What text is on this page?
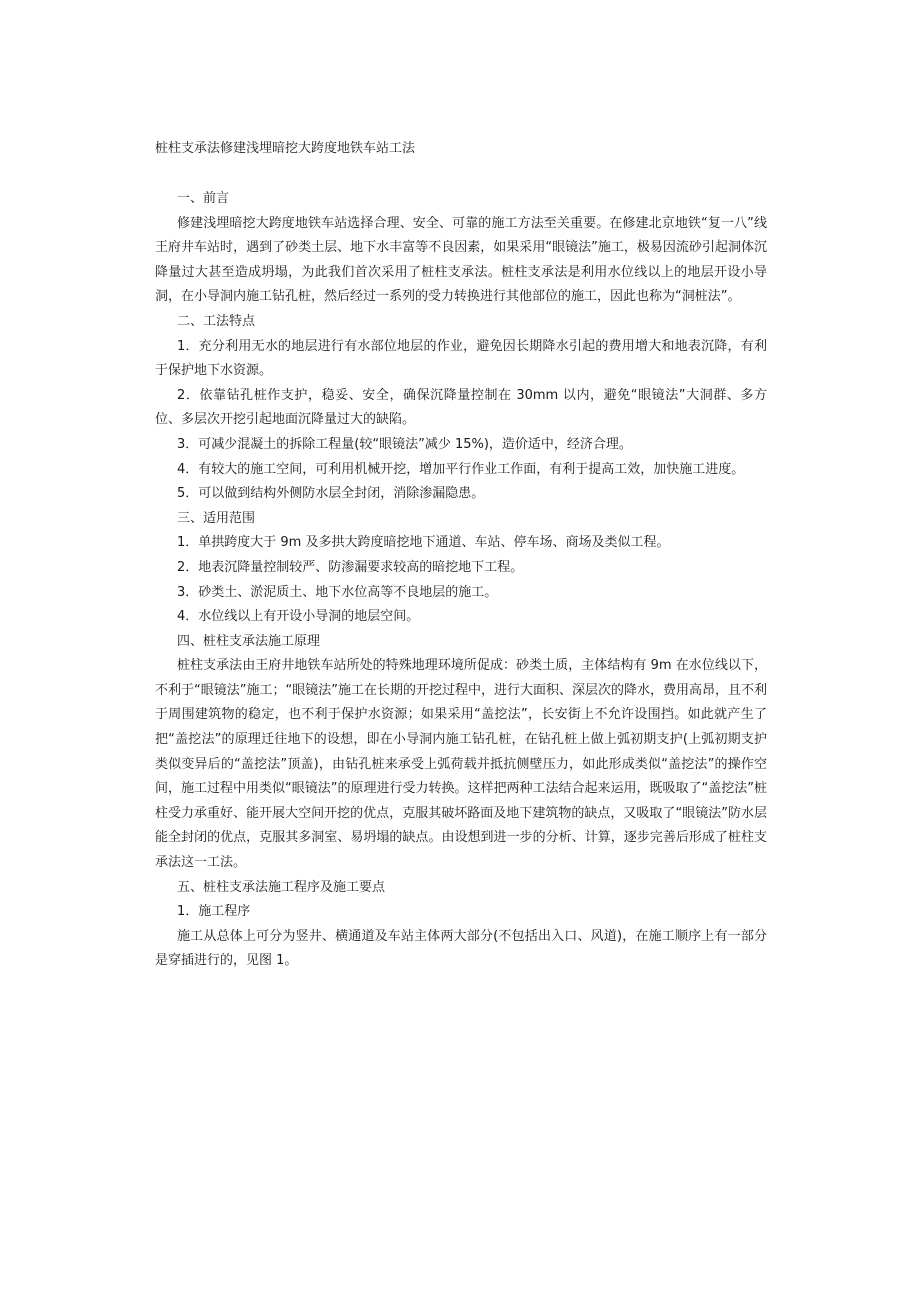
桩柱支承法修建浅埋暗挖大跨度地铁车站工法

一、前言

修建浅埋暗挖大跨度地铁车站选择合理、安全、可靠的施工方法至关重要。在修建北京地铁“复一八”线王府井车站时，遇到了砂类土层、地下水丰富等不良因素，如果采用“眼镜法”施工，极易因流砂引起洞体沉降量过大甚至造成坍塌，为此我们首次采用了桩柱支承法。桩柱支承法是利用水位线以上的地层开设小导洞，在小导洞内施工钻孔桩，然后经过一系列的受力转换进行其他部位的施工，因此也称为“洞桩法”。

二、工法特点

1．充分利用无水的地层进行有水部位地层的作业，避免因长期降水引起的费用增大和地表沉降，有利于保护地下水资源。

2．依靠钻孔桩作支护，稳妥、安全，确保沉降量控制在 30mm 以内，避免“眼镜法”大洞群、多方位、多层次开挖引起地面沉降量过大的缺陷。

3．可减少混凝土的拆除工程量(较“眼镜法”减少 15%)，造价适中，经济合理。

4．有较大的施工空间，可利用机械开挖，增加平行作业工作面，有利于提高工效，加快施工进度。

5．可以做到结构外侧防水层全封闭，消除渗漏隐患。

三、适用范围

1．单拱跨度大于 9m 及多拱大跨度暗挖地下通道、车站、停车场、商场及类似工程。

2．地表沉降量控制较严、防渗漏要求较高的暗挖地下工程。

3．砂类土、淤泥质土、地下水位高等不良地层的施工。

4．水位线以上有开设小导洞的地层空间。

四、桩柱支承法施工原理

桩柱支承法由王府井地铁车站所处的特殊地理环境所促成：砂类土质，主体结构有 9m 在水位线以下，不利于“眼镜法”施工；“眼镜法”施工在长期的开挖过程中，进行大面积、深层次的降水，费用高昂，且不利于周围建筑物的稳定，也不利于保护水资源；如果采用“盖挖法”，长安街上不允许设围挡。如此就产生了把“盖挖法”的原理迁往地下的设想，即在小导洞内施工钻孔桩，在钻孔桩上做上弧初期支护(上弧初期支护类似变异后的“盖挖法”顶盖)，由钻孔桩来承受上弧荷载并抵抗侧壁压力，如此形成类似“盖挖法”的操作空间，施工过程中用类似“眼镜法”的原理进行受力转换。这样把两种工法结合起来运用，既吸取了“盖挖法”桩柱受力承重好、能开展大空间开挖的优点，克服其破坏路面及地下建筑物的缺点，又吸取了“眼镜法”防水层能全封闭的优点，克服其多洞室、易坍塌的缺点。由设想到进一步的分析、计算，逐步完善后形成了桩柱支承法这一工法。

五、桩柱支承法施工程序及施工要点

1．施工程序

施工从总体上可分为竖井、横通道及车站主体两大部分(不包括出入口、风道)，在施工顺序上有一部分是穿插进行的，见图 1。
